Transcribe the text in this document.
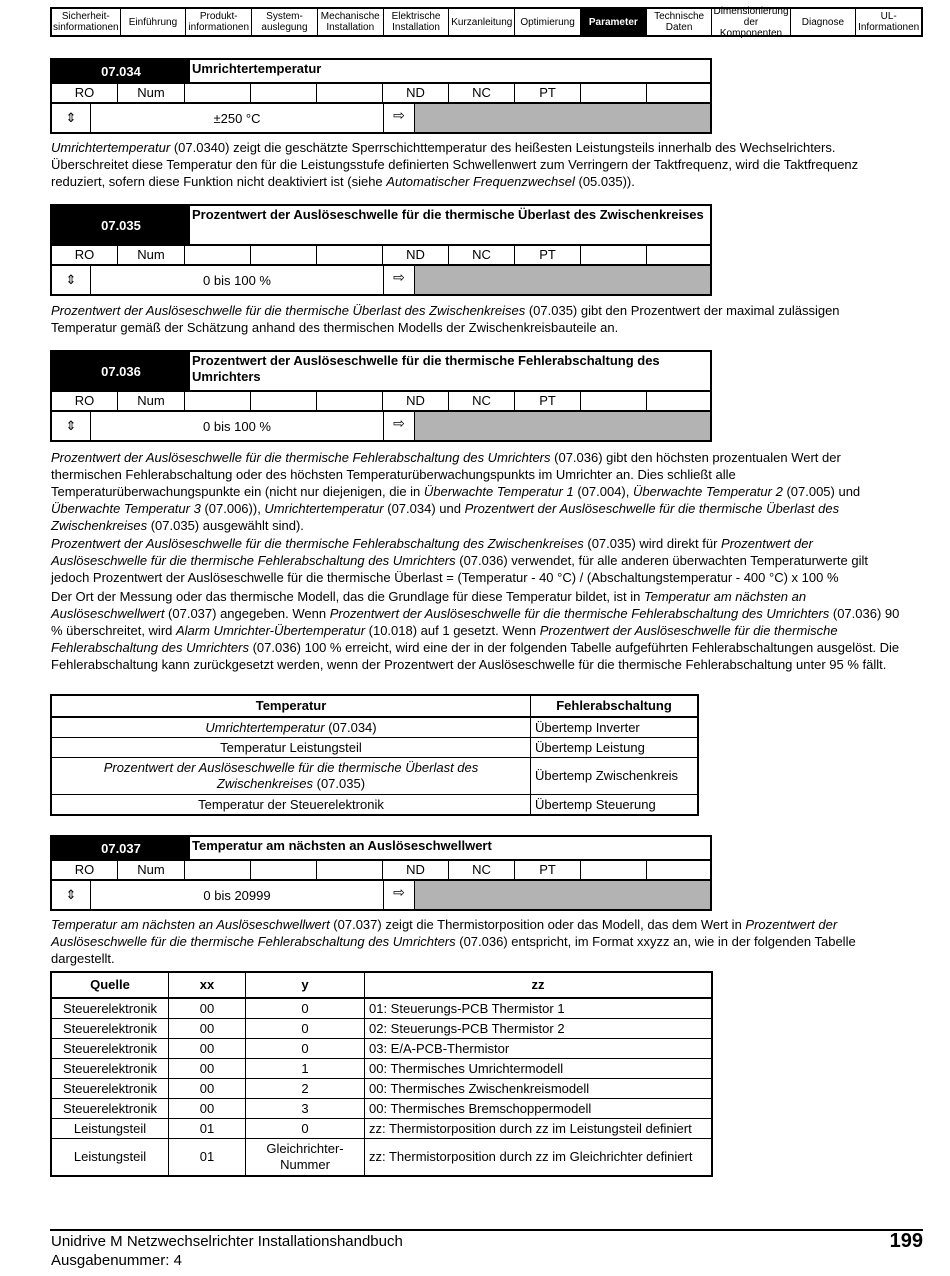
Sicherheit-sinformationen	Einführung	Produkt-informationen
System-auslegung
Mechanische Installation
Elektrische Installation	Kurzanleitung Optimierung	Parameter	Technische Daten
Dimensionierung der Komponenten
Diagnose	UL-Informationen
07.034	Umrichtertemperatur
RO	Num	ND	NC	PT
⇕	±250 °C	⇨
Umrichtertemperatur (07.0340) zeigt die geschätzte Sperrschichttemperatur des heißesten Leistungsteils innerhalb des Wechselrichters. Überschreitet diese Temperatur den für die Leistungsstufe definierten Schwellenwert zum Verringern der Taktfrequenz, wird die Taktfrequenz reduziert, sofern diese Funktion nicht deaktiviert ist (siehe Automatischer Frequenzwechsel (05.035)).
07.035
Prozentwert der Auslöseschwelle für die thermische Überlast des Zwischenkreises
RO	Num	ND	NC	PT
⇕	0 bis 100 %	⇨
Prozentwert der Auslöseschwelle für die thermische Überlast des Zwischenkreises (07.035) gibt den Prozentwert der maximal zulässigen Temperatur gemäß der Schätzung anhand des thermischen Modells der Zwischenkreisbauteile an.
07.036
Prozentwert der Auslöseschwelle für die thermische Fehlerabschaltung des Umrichters
RO	Num	ND	NC	PT
⇕	0 bis 100 %	⇨
Prozentwert der Auslöseschwelle für die thermische Fehlerabschaltung des Umrichters (07.036) gibt den höchsten prozentualen Wert der thermischen Fehlerabschaltung oder des höchsten Temperaturüberwachungspunkts im Umrichter an. Dies schließt alle Temperaturüberwachungspunkte ein (nicht nur diejenigen, die in Überwachte Temperatur 1 (07.004), Überwachte Temperatur 2 (07.005) und Überwachte Temperatur 3 (07.006)), Umrichtertemperatur (07.034) und Prozentwert der Auslöseschwelle für die thermische Überlast des Zwischenkreises (07.035) ausgewählt sind).
Prozentwert der Auslöseschwelle für die thermische Fehlerabschaltung des Zwischenkreises (07.035) wird direkt für Prozentwert der Auslöseschwelle für die thermische Fehlerabschaltung des Umrichters (07.036) verwendet, für alle anderen überwachten Temperaturwerte gilt jedoch Prozentwert der Auslöseschwelle für die thermische Überlast = (Temperatur - 40 °C) / (Abschaltungstemperatur - 400 °C) x 100 %
Der Ort der Messung oder das thermische Modell, das die Grundlage für diese Temperatur bildet, ist in Temperatur am nächsten an Auslöseschwellwert (07.037) angegeben. Wenn Prozentwert der Auslöseschwelle für die thermische Fehlerabschaltung des Umrichters (07.036) 90 % überschreitet, wird Alarm Umrichter-Übertemperatur (10.018) auf 1 gesetzt. Wenn Prozentwert der Auslöseschwelle für die thermische Fehlerabschaltung des Umrichters (07.036) 100 % erreicht, wird eine der in der folgenden Tabelle aufgeführten Fehlerabschaltungen ausgelöst. Die Fehlerabschaltung kann zurückgesetzt werden, wenn der Prozentwert der Auslöseschwelle für die thermische Fehlerabschaltung unter 95 % fällt.
Temperatur	Fehlerabschaltung
Umrichtertemperatur (07.034)	Übertemp Inverter
Temperatur Leistungsteil	Übertemp Leistung
Prozentwert der Auslöseschwelle für die thermische Überlast des Zwischenkreises (07.035)	Übertemp Zwischenkreis
Temperatur der Steuerelektronik	Übertemp Steuerung
07.037	Temperatur am nächsten an Auslöseschwellwert
RO	Num	ND	NC	PT
⇕	0 bis 20999	⇨
Temperatur am nächsten an Auslöseschwellwert (07.037) zeigt die Thermistorposition oder das Modell, das dem Wert in Prozentwert der Auslöseschwelle für die thermische Fehlerabschaltung des Umrichters (07.036) entspricht, im Format xxyzz an, wie in der folgenden Tabelle dargestellt.
Quelle	xx	y	zz
Steuerelektronik	00	0	01: Steuerungs-PCB Thermistor 1
Steuerelektronik	00	0	02: Steuerungs-PCB Thermistor 2
Steuerelektronik	00	0	03: E/A-PCB-Thermistor
Steuerelektronik	00	1	00: Thermisches Umrichtermodell
Steuerelektronik	00	2	00: Thermisches Zwischenkreismodell
Steuerelektronik	00	3	00: Thermisches Bremschoppermodell
Leistungsteil	01	0	zz: Thermistorposition durch zz im Leistungsteil definiert
Leistungsteil	01	Gleichrichter-Nummer	zz: Thermistorposition durch zz im Gleichrichter definiert
Unidrive M Netzwechselrichter Installationshandbuch
Ausgabenummer: 4
199
